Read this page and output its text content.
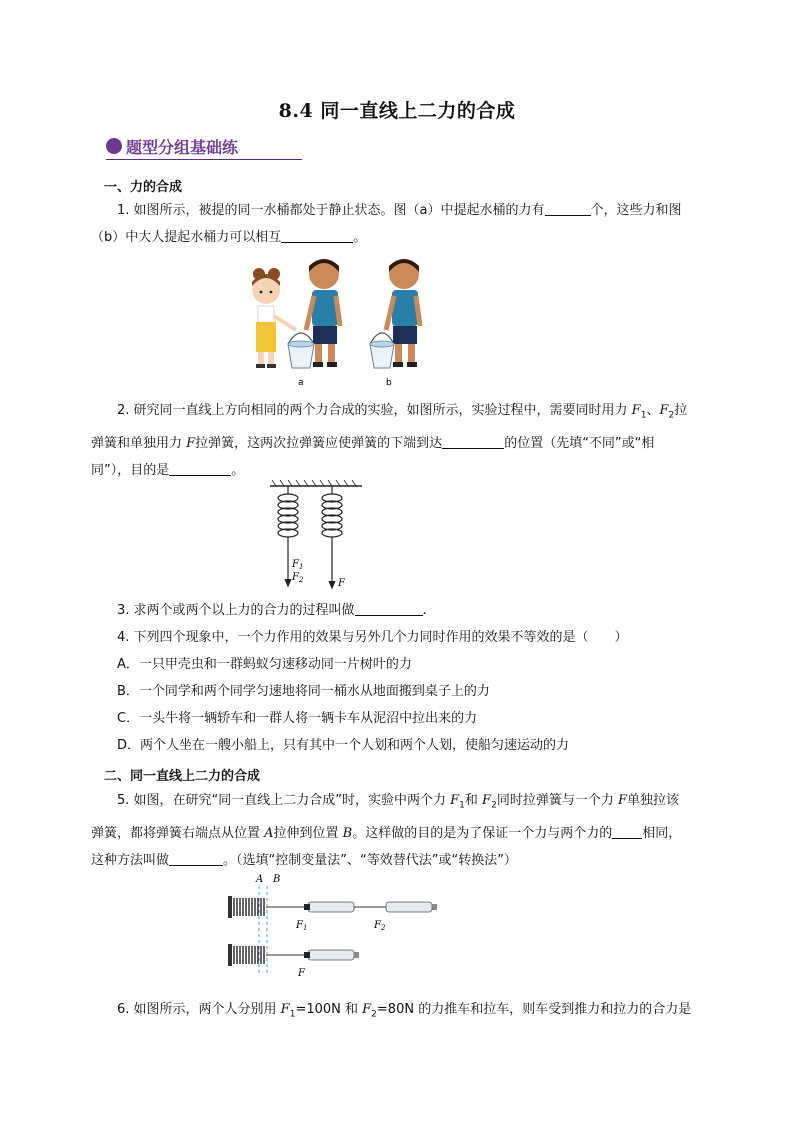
8.4 同一直线上二力的合成
题型分组基础练
一、力的合成
1. 如图所示，被提的同一水桶都处于静止状态。图（a）中提起水桶的力有	个，这些力和图
（b）中大人提起水桶力可以相互	。
a	b
2. 研究同一直线上方向相同的两个力合成的实验，如图所示，实验过程中，需要同时用力 $F_1$、$F_2$拉
弹簧和单独用力 F拉弹簧，这两次拉弹簧应使弹簧的下端到达	的位置（先填“不同”或“相
同”），目的是	。
$F_1$
$F_2$	F
3. 求两个或两个以上力的合力的过程叫做	.
4. 下列四个现象中，一个力作用的效果与另外几个力同时作用的效果不等效的是（　　）
A．一只甲壳虫和一群蚂蚁匀速移动同一片树叶的力
B．一个同学和两个同学匀速地将同一桶水从地面搬到桌子上的力
C．一头牛将一辆轿车和一群人将一辆卡车从泥沼中拉出来的力
D．两个人坐在一艘小船上，只有其中一个人划和两个人划，使船匀速运动的力
二、同一直线上二力的合成
5. 如图，在研究“同一直线上二力合成”时，实验中两个力 $F_1$和 $F_2$同时拉弹簧与一个力 F单独拉该
弹簧，都将弹簧右端点从位置 A拉伸到位置 B。这样做的目的是为了保证一个力与两个力的 相同，
这种方法叫做	。（选填“控制变量法”、“等效替代法”或“转换法”）
A B
$F_1$	$F_2$
F
6. 如图所示，两个人分别用 $F_1=100N$ 和 $F_2=80N$ 的力推车和拉车，则车受到推力和拉力的合力是
